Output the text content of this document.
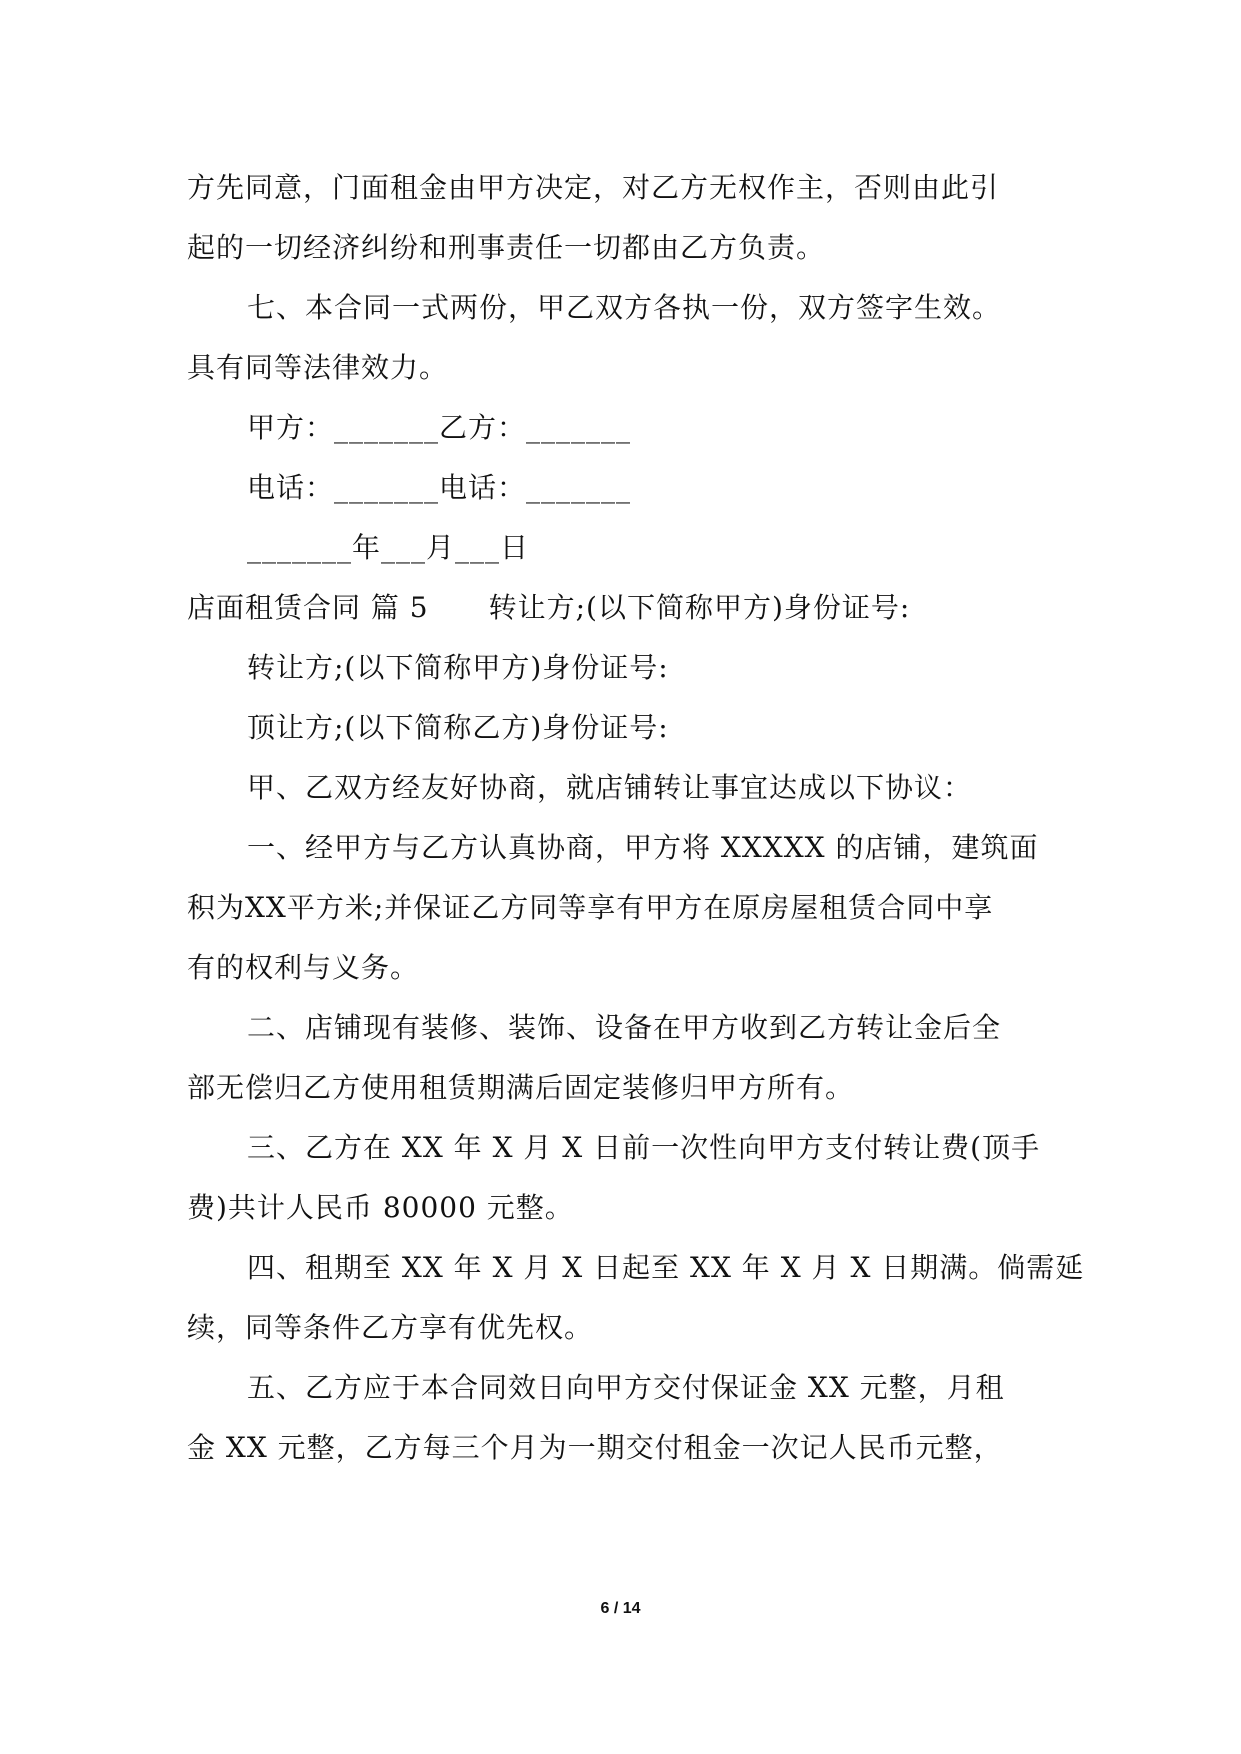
方先同意，门面租金由甲方决定，对乙方无权作主，否则由此引
起的一切经济纠纷和刑事责任一切都由乙方负责。
七、本合同一式两份，甲乙双方各执一份，双方签字生效。
具有同等法律效力。
甲方：_______乙方：_______
电话：_______电话：_______
_______年___月___日
店面租赁合同 篇 5 转让方;(以下简称甲方)身份证号:
转让方;(以下简称甲方)身份证号:
顶让方;(以下简称乙方)身份证号:
甲、乙双方经友好协商，就店铺转让事宜达成以下协议：
一、经甲方与乙方认真协商，甲方将 XXXXX 的店铺，建筑面
积为XX平方米;并保证乙方同等享有甲方在原房屋租赁合同中享
有的权利与义务。
二、店铺现有装修、装饰、设备在甲方收到乙方转让金后全
部无偿归乙方使用租赁期满后固定装修归甲方所有。
三、乙方在 XX 年 X 月 X 日前一次性向甲方支付转让费(顶手
费)共计人民币 80000 元整。
四、租期至 XX 年 X 月 X 日起至 XX 年 X 月 X 日期满。倘需延
续，同等条件乙方享有优先权。
五、乙方应于本合同效日向甲方交付保证金 XX 元整，月租
金 XX 元整，乙方每三个月为一期交付租金一次记人民币元整，
6 / 14
